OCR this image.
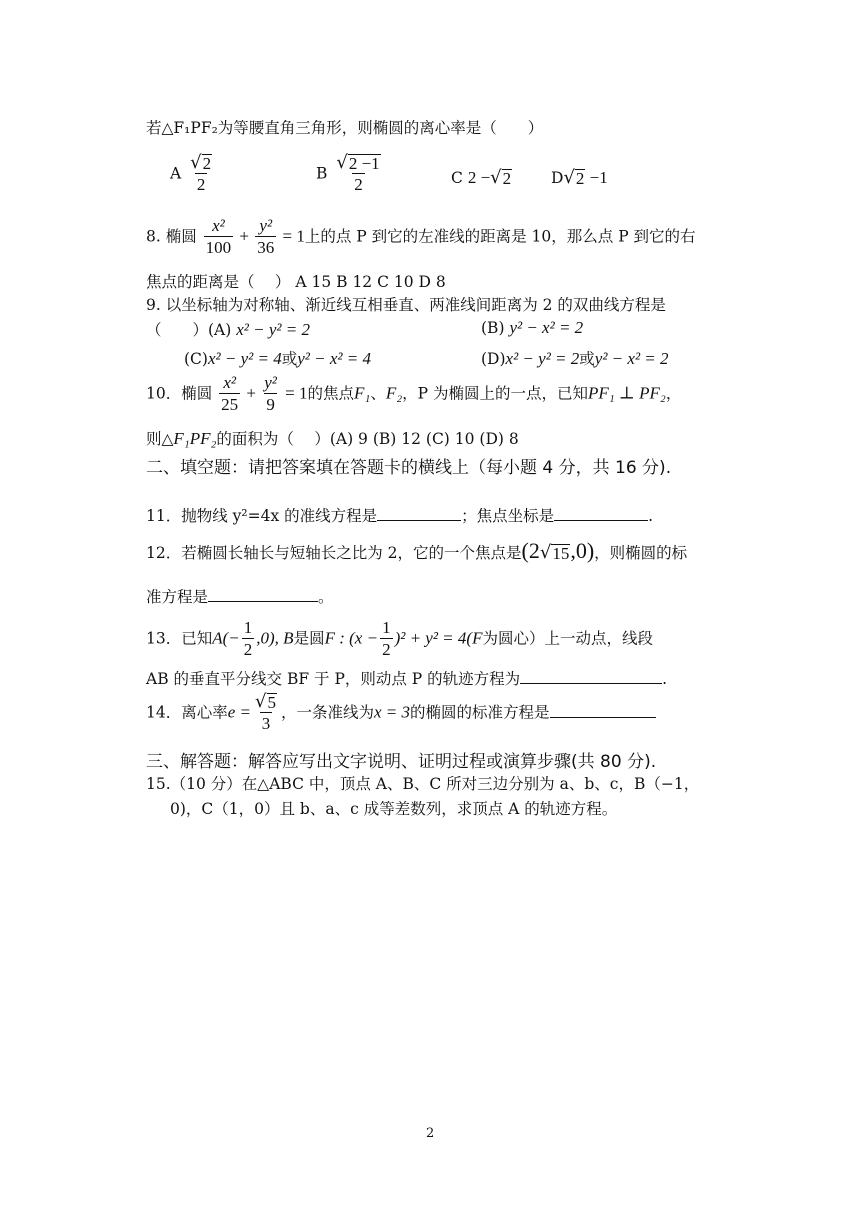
若△F₁PF₂为等腰直角三角形，则椭圆的离心率是（　　）
A $\frac{√ 2}{2}$	B $\frac{√ 2 -1}{2}$	C 2 − √ 2	D √ 2 −1
8. 椭圆 $\frac{\text{x²}}{100} + \frac{\text{y²}}{36} = 1$上的点 P 到它的左准线的距离是 10，那么点 P 到它的右
焦点的距离是（　 ） A 15 B 12 C 10 D 8
9. 以坐标轴为对称轴、渐近线互相垂直、两准线间距离为 2 的双曲线方程是
（　　）(A) x² − y² = 2	(B) y² − x² = 2
(C)x² − y² = 4或y² − x² = 4	(D)x² − y² = 2或y² − x² = 2
10．椭圆 $\frac{\text{x²}}{25} + \frac{\text{y²}}{9} = 1$的焦点F₁、F₂，P 为椭圆上的一点，已知PF₁ ⊥ PF₂，
则△F₁PF₂的面积为（　 ）(A) 9 (B) 12 (C) 10 (D) 8
二、填空题：请把答案填在答题卡的横线上（每小题 4 分，共 16 分).
11．抛物线 y²=4x 的准线方程是	；焦点坐标是	.
12．若椭圆长轴长与短轴长之比为 2，它的一个焦点是(2 √ 15 ,0)，则椭圆的标
准方程是	。
13．已知$A(- \frac{1}{2} ,0)$, B是圆F : $(x - \frac{1}{2} )^2 + y^2 = 4(F$为圆心）上一动点，线段
AB 的垂直平分线交 BF 于 P，则动点 P 的轨迹方程为	.
14．离心率$e = \frac{√ 5}{3}$ ，一条准线为x = 3的椭圆的标准方程是
三、解答题：解答应写出文字说明、证明过程或演算步骤(共 80 分).
15.（10 分）在△ABC 中，顶点 A、B、C 所对三边分别为 a、b、c，B（−1，
0)，C（1，0）且 b、a、c 成等差数列，求顶点 A 的轨迹方程。
2
